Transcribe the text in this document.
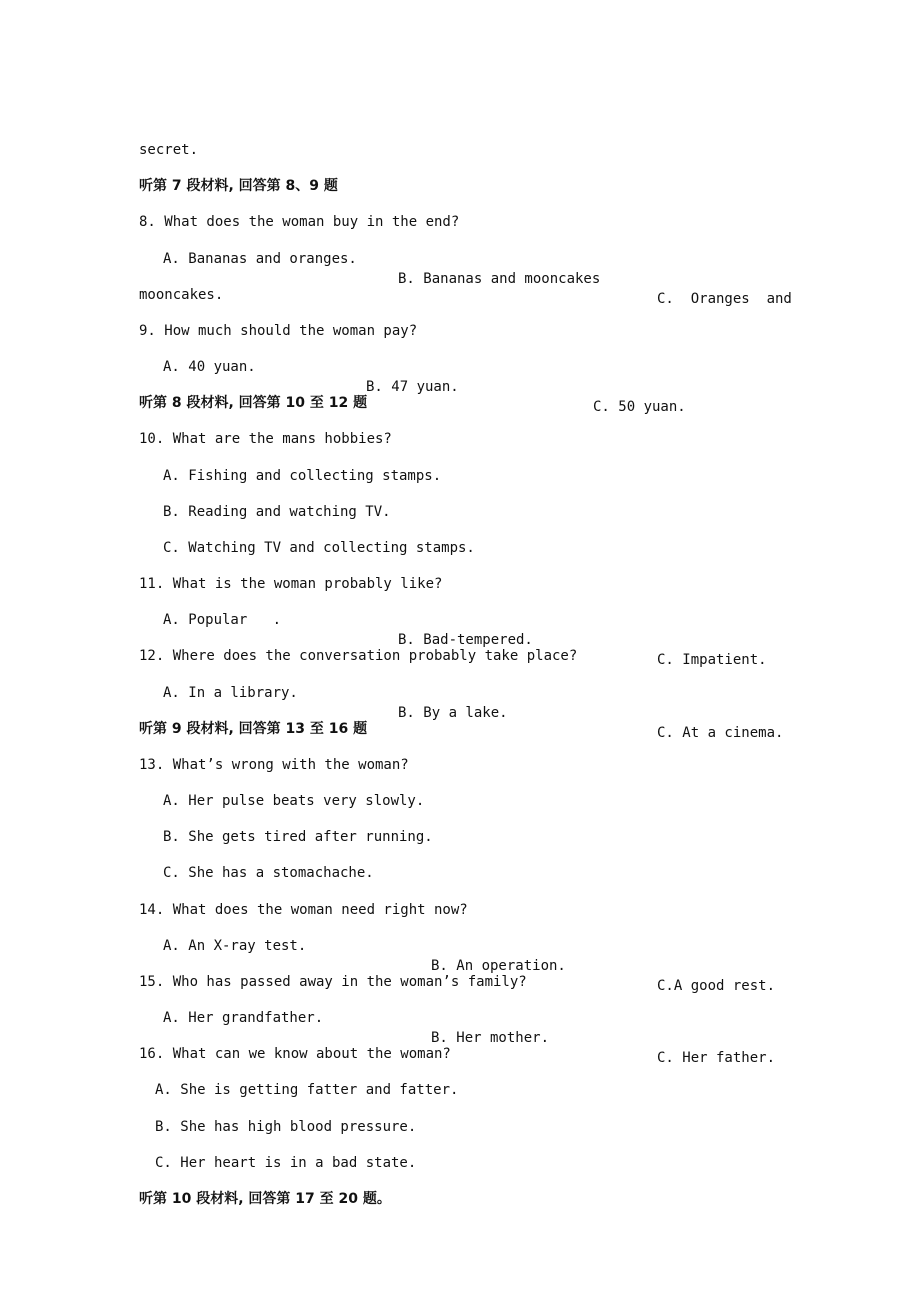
secret.

听第 7 段材料, 回答第 8、9 题

8. What does the woman buy in the end?

A. Bananas and oranges.

B. Bananas and mooncakes

C.  Oranges  and

mooncakes.

9. How much should the woman pay?

A. 40 yuan.

B. 47 yuan.

C. 50 yuan.

听第 8 段材料, 回答第 10 至 12 题

10. What are the mans hobbies?

A. Fishing and collecting stamps.

B. Reading and watching TV.

C. Watching TV and collecting stamps.

11. What is the woman probably like?

A. Popular   .

B. Bad-tempered.

C. Impatient.

12. Where does the conversation probably take place?

A. In a library.

B. By a lake.

C. At a cinema.

听第 9 段材料, 回答第 13 至 16 题

13. What’s wrong with the woman?

A. Her pulse beats very slowly.

B. She gets tired after running.

C. She has a stomachache.

14. What does the woman need right now?

A. An X-ray test.

B. An operation.

C.A good rest.

15. Who has passed away in the woman’s family?

A. Her grandfather.

B. Her mother.

C. Her father.

16. What can we know about the woman?

A. She is getting fatter and fatter.

B. She has high blood pressure.

C. Her heart is in a bad state.

听第 10 段材料, 回答第 17 至 20 题。
